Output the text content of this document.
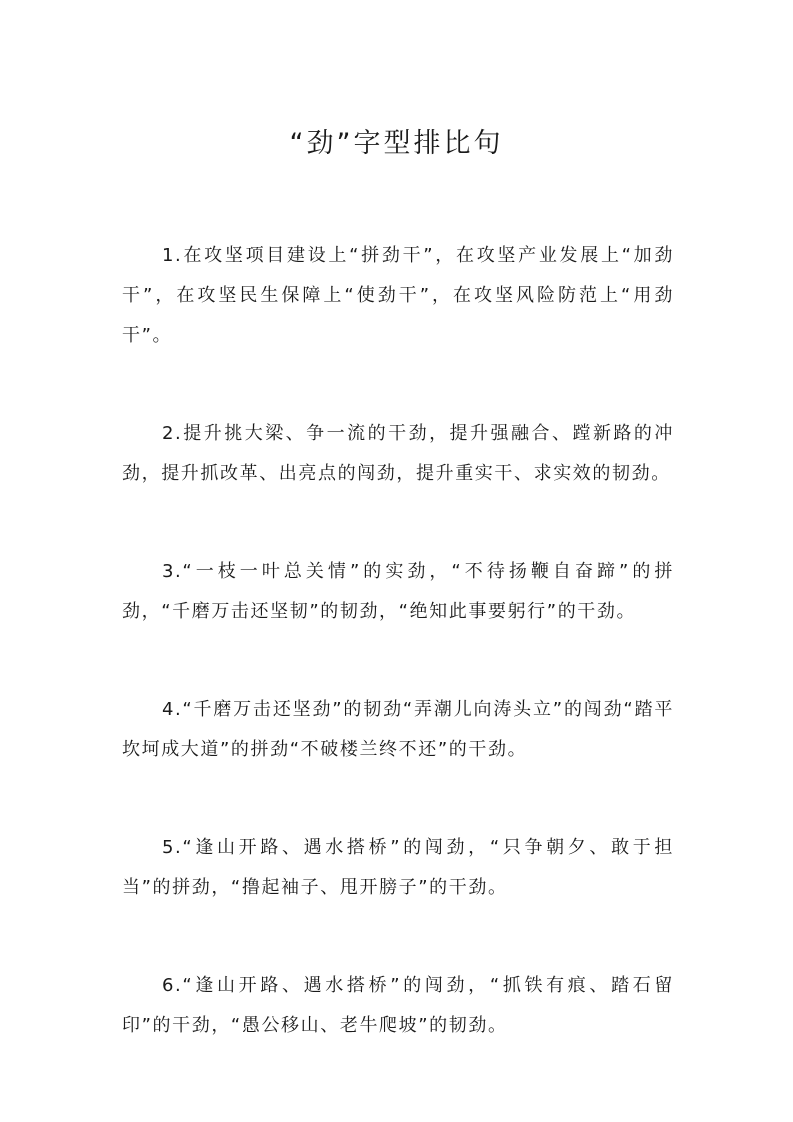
“劲”字型排比句

1.在攻坚项目建设上“拼劲干”，在攻坚产业发展上“加劲干”，在攻坚民生保障上“使劲干”，在攻坚风险防范上“用劲干”。

2.提升挑大梁、争一流的干劲，提升强融合、蹚新路的冲劲，提升抓改革、出亮点的闯劲，提升重实干、求实效的韧劲。

3.“一枝一叶总关情”的实劲，“不待扬鞭自奋蹄”的拼劲，“千磨万击还坚韧”的韧劲，“绝知此事要躬行”的干劲。

4.“千磨万击还坚劲”的韧劲“弄潮儿向涛头立”的闯劲“踏平坎坷成大道”的拼劲“不破楼兰终不还”的干劲。

5.“逢山开路、遇水搭桥”的闯劲，“只争朝夕、敢于担当”的拼劲，“撸起袖子、甩开膀子”的干劲。

6.“逢山开路、遇水搭桥”的闯劲，“抓铁有痕、踏石留印”的干劲，“愚公移山、老牛爬坡”的韧劲。
